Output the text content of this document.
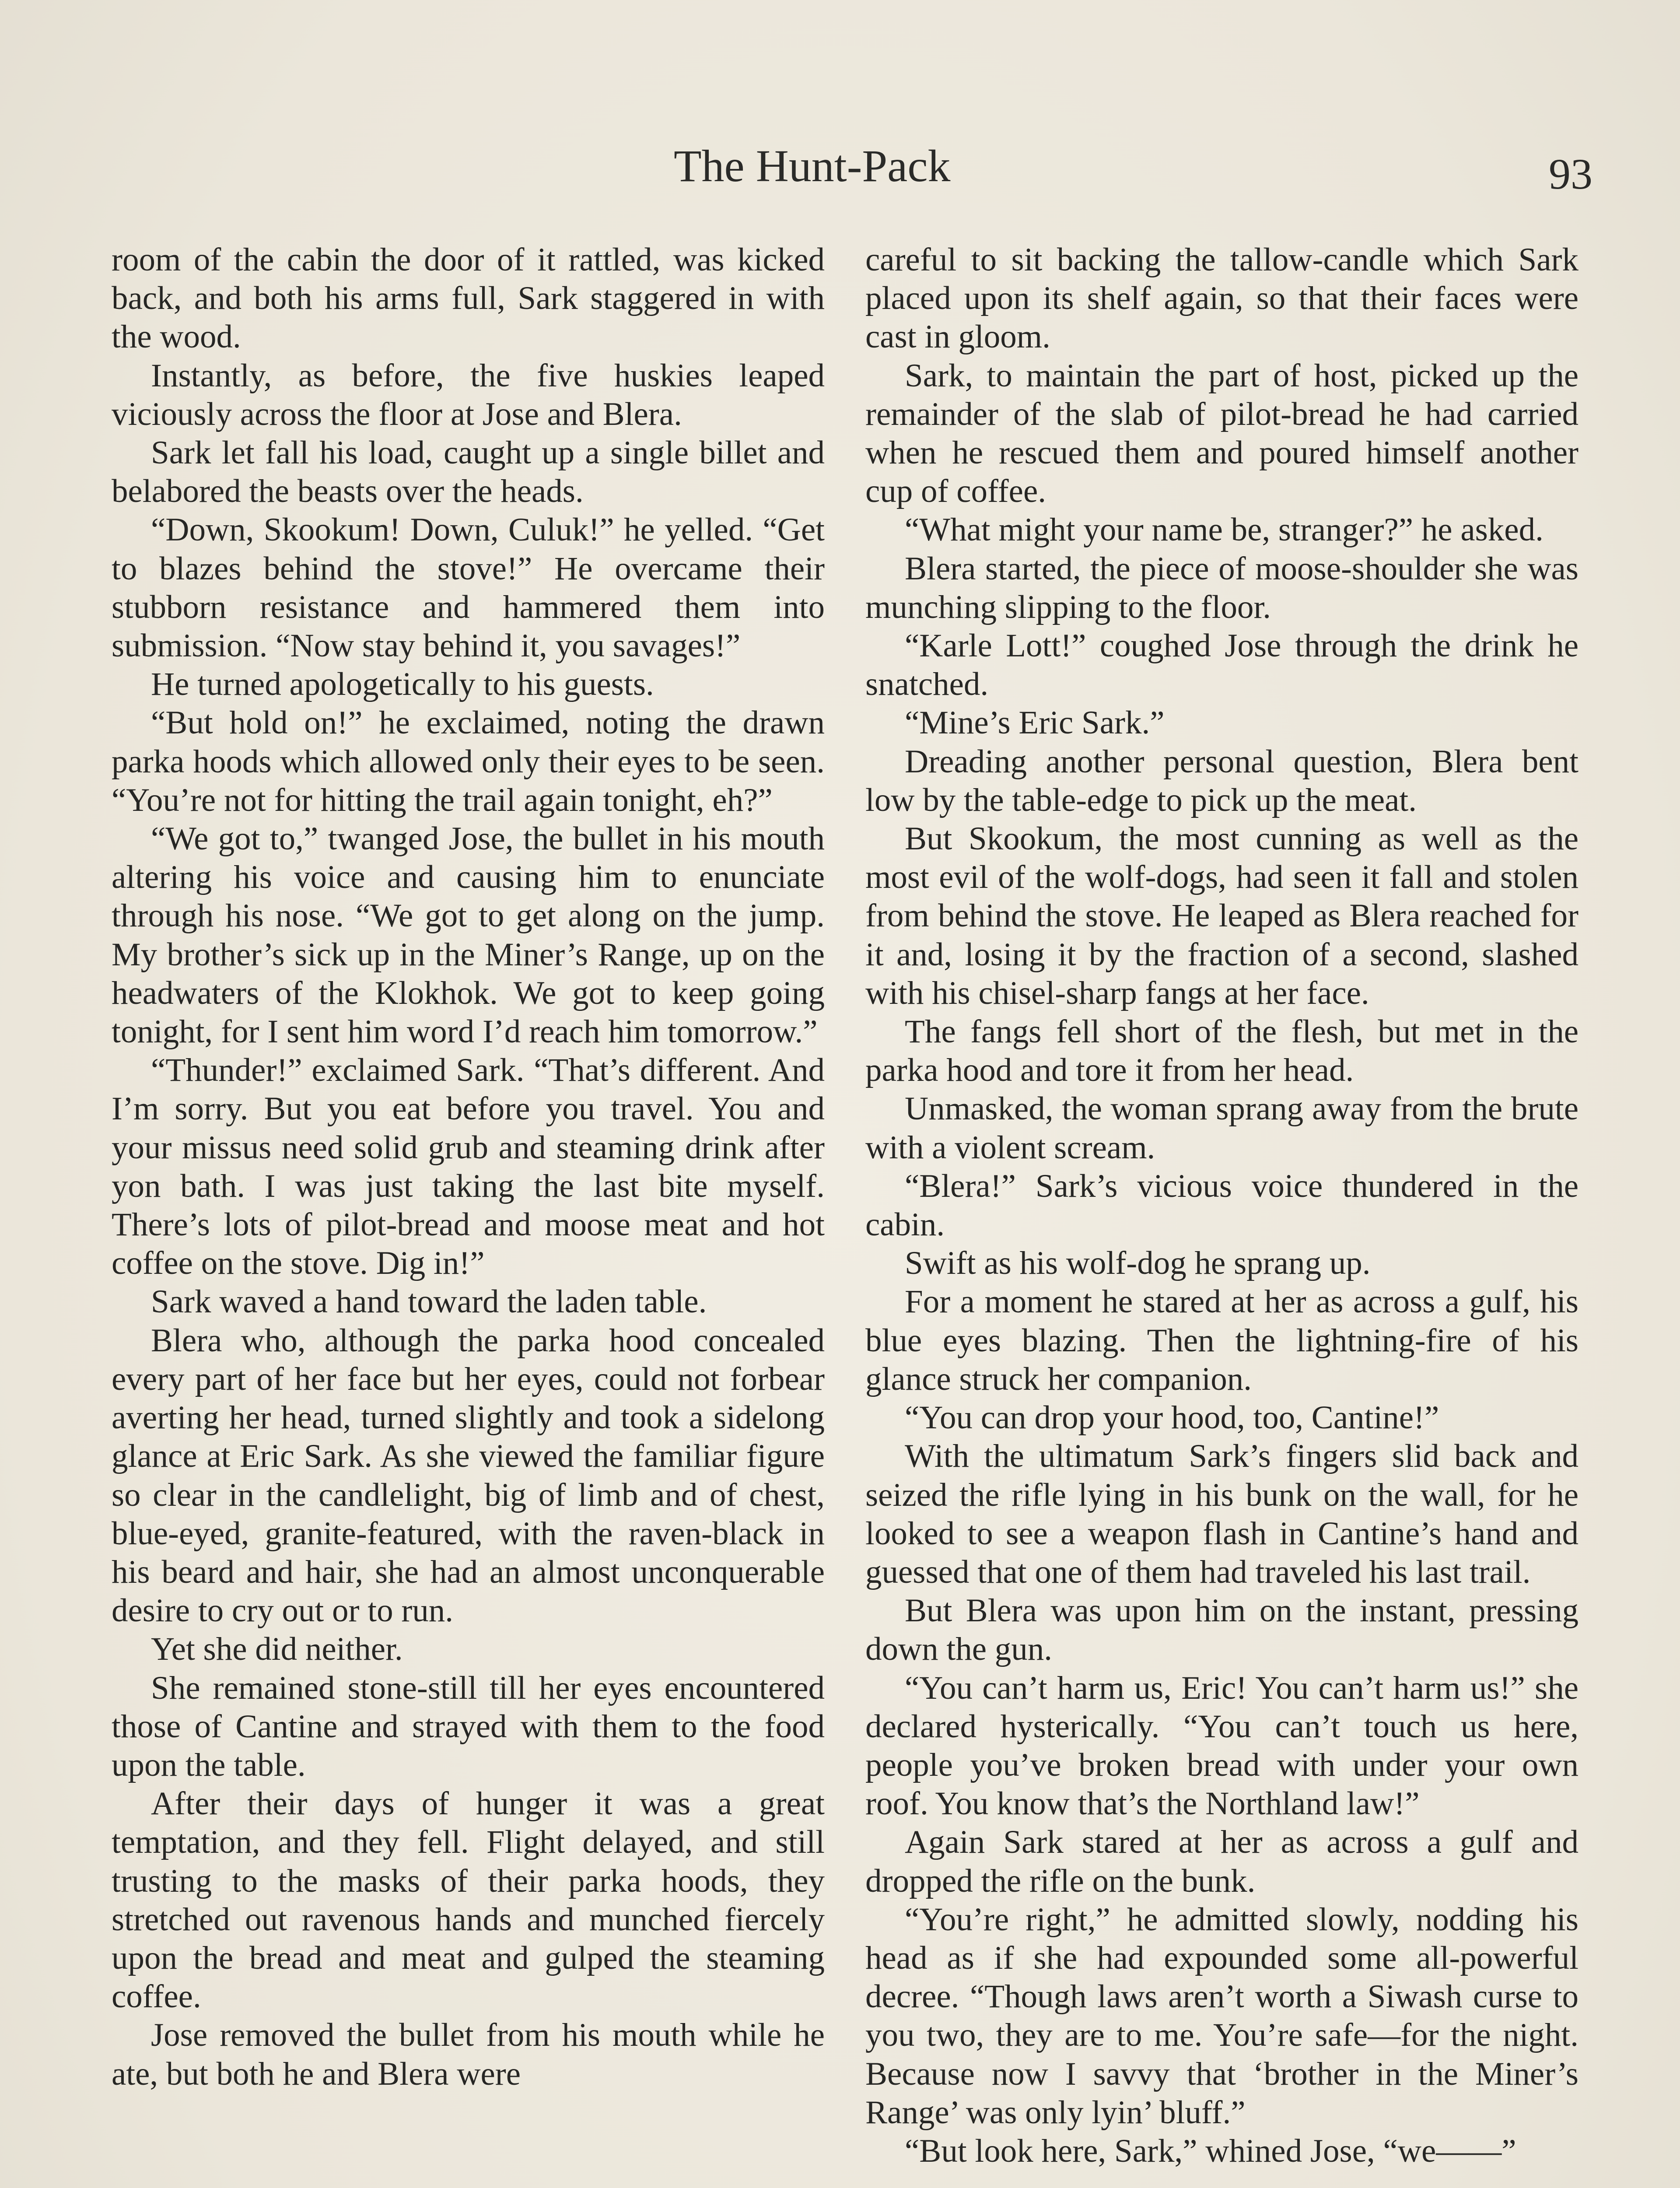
The Hunt-Pack	93

room of the cabin the door of it rattled, was kicked back, and both his arms full, Sark staggered in with the wood.

Instantly, as before, the five huskies leaped viciously across the floor at Jose and Blera.

Sark let fall his load, caught up a single billet and belabored the beasts over the heads.

“Down, Skookum! Down, Culuk!” he yelled. “Get to blazes behind the stove!” He overcame their stubborn resistance and hammered them into submission. “Now stay behind it, you savages!”

He turned apologetically to his guests.

“But hold on!” he exclaimed, noting the drawn parka hoods which allowed only their eyes to be seen. “You’re not for hitting the trail again tonight, eh?”

“We got to,” twanged Jose, the bullet in his mouth altering his voice and causing him to enunciate through his nose. “We got to get along on the jump. My brother’s sick up in the Miner’s Range, up on the headwaters of the Klokhok. We got to keep going tonight, for I sent him word I’d reach him tomorrow.”

“Thunder!” exclaimed Sark. “That’s different. And I’m sorry. But you eat before you travel. You and your missus need solid grub and steaming drink after yon bath. I was just taking the last bite myself. There’s lots of pilot-bread and moose meat and hot coffee on the stove. Dig in!”

Sark waved a hand toward the laden table.

Blera who, although the parka hood concealed every part of her face but her eyes, could not forbear averting her head, turned slightly and took a sidelong glance at Eric Sark. As she viewed the familiar figure so clear in the candlelight, big of limb and of chest, blue-eyed, granite-featured, with the raven-black in his beard and hair, she had an almost unconquerable desire to cry out or to run.

Yet she did neither.

She remained stone-still till her eyes encountered those of Cantine and strayed with them to the food upon the table.

After their days of hunger it was a great temptation, and they fell. Flight delayed, and still trusting to the masks of their parka hoods, they stretched out ravenous hands and munched fiercely upon the bread and meat and gulped the steaming coffee.

Jose removed the bullet from his mouth while he ate, but both he and Blera were

careful to sit backing the tallow-candle which Sark placed upon its shelf again, so that their faces were cast in gloom.

Sark, to maintain the part of host, picked up the remainder of the slab of pilot-bread he had carried when he rescued them and poured himself another cup of coffee.

“What might your name be, stranger?” he asked.

Blera started, the piece of moose-shoulder she was munching slipping to the floor.

“Karle Lott!” coughed Jose through the drink he snatched.

“Mine’s Eric Sark.”

Dreading another personal question, Blera bent low by the table-edge to pick up the meat.

But Skookum, the most cunning as well as the most evil of the wolf-dogs, had seen it fall and stolen from behind the stove. He leaped as Blera reached for it and, losing it by the fraction of a second, slashed with his chisel-sharp fangs at her face.

The fangs fell short of the flesh, but met in the parka hood and tore it from her head.

Unmasked, the woman sprang away from the brute with a violent scream.

“Blera!” Sark’s vicious voice thundered in the cabin.

Swift as his wolf-dog he sprang up.

For a moment he stared at her as across a gulf, his blue eyes blazing. Then the lightning-fire of his glance struck her companion.

“You can drop your hood, too, Cantine!”

With the ultimatum Sark’s fingers slid back and seized the rifle lying in his bunk on the wall, for he looked to see a weapon flash in Cantine’s hand and guessed that one of them had traveled his last trail.

But Blera was upon him on the instant, pressing down the gun.

“You can’t harm us, Eric! You can’t harm us!” she declared hysterically. “You can’t touch us here, people you’ve broken bread with under your own roof. You know that’s the Northland law!”

Again Sark stared at her as across a gulf and dropped the rifle on the bunk.

“You’re right,” he admitted slowly, nodding his head as if she had expounded some all-powerful decree. “Though laws aren’t worth a Siwash curse to you two, they are to me. You’re safe—for the night. Because now I savvy that ‘brother in the Miner’s Range’ was only lyin’ bluff.”

“But look here, Sark,” whined Jose, “we——”
